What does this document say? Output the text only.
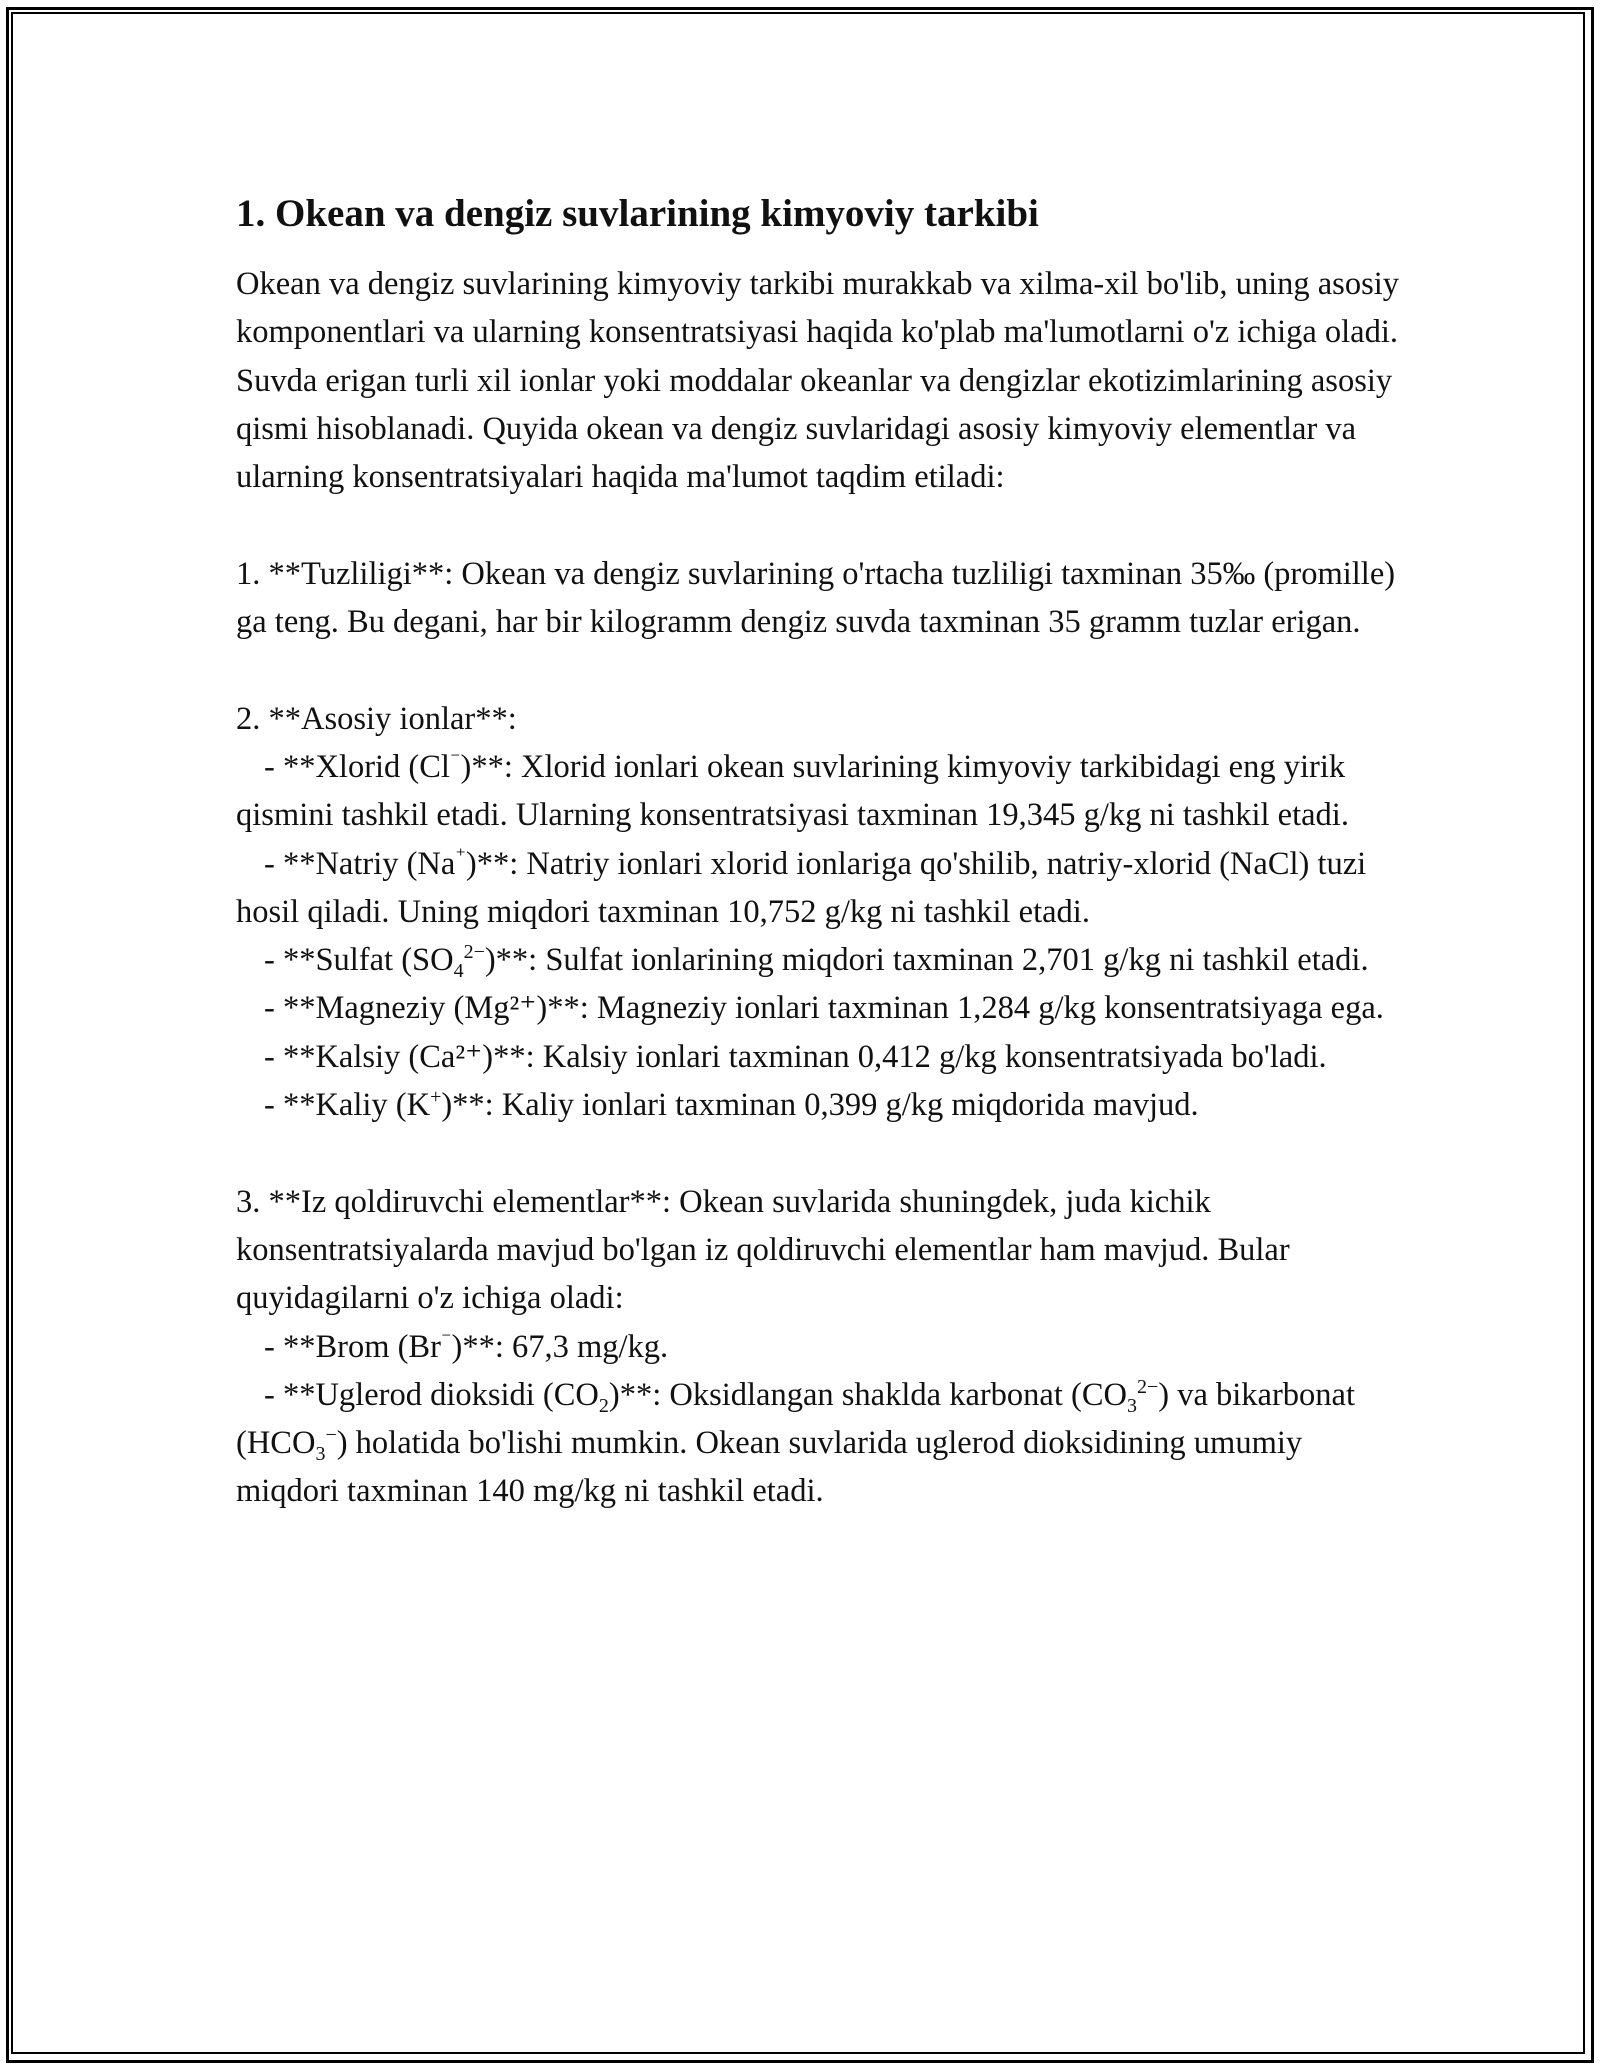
1. Okean va dengiz suvlarining kimyoviy tarkibi

Okean va dengiz suvlarining kimyoviy tarkibi murakkab va xilma-xil bo'lib, uning asosiy komponentlari va ularning konsentratsiyasi haqida ko'plab ma'lumotlarni o'z ichiga oladi. Suvda erigan turli xil ionlar yoki moddalar okeanlar va dengizlar ekotizimlarining asosiy qismi hisoblanadi. Quyida okean va dengiz suvlaridagi asosiy kimyoviy elementlar va ularning konsentratsiyalari haqida ma'lumot taqdim etiladi:

1. **Tuzliligi**: Okean va dengiz suvlarining o'rtacha tuzliligi taxminan 35‰ (promille) ga teng. Bu degani, har bir kilogramm dengiz suvda taxminan 35 gramm tuzlar erigan.

2. **Asosiy ionlar**:

- **Xlorid (Cl⁻)**: Xlorid ionlari okean suvlarining kimyoviy tarkibidagi eng yirik qismini tashkil etadi. Ularning konsentratsiyasi taxminan 19,345 g/kg ni tashkil etadi.

- **Natriy (Na⁺)**: Natriy ionlari xlorid ionlariga qo'shilib, natriy-xlorid (NaCl) tuzi hosil qiladi. Uning miqdori taxminan 10,752 g/kg ni tashkil etadi.

- **Sulfat $(SO_4^{2-})**$: Sulfat ionlarining miqdori taxminan 2,701 g/kg ni tashkil etadi.

- **Magneziy (Mg²⁺)**: Magneziy ionlari taxminan 1,284 g/kg konsentratsiyaga ega.

- **Kalsiy (Ca²⁺)**: Kalsiy ionlari taxminan 0,412 g/kg konsentratsiyada bo'ladi.

- **Kaliy (K+)**: Kaliy ionlari taxminan 0,399 g/kg miqdorida mavjud.

3. **Iz qoldiruvchi elementlar**: Okean suvlarida shuningdek, juda kichik konsentratsiyalarda mavjud bo'lgan iz qoldiruvchi elementlar ham mavjud. Bular quyidagilarni o'z ichiga oladi:

- **Brom (Br⁻)**: 67,3 mg/kg.

- **Uglerod dioksidi $(CO_2)**$: Oksidlangan shaklda karbonat $(CO_3^{2-})$ va bikarbonat $(HCO_3^-)$ holatida bo'lishi mumkin. Okean suvlarida uglerod dioksidining umumiy miqdori taxminan 140 mg/kg ni tashkil etadi.
